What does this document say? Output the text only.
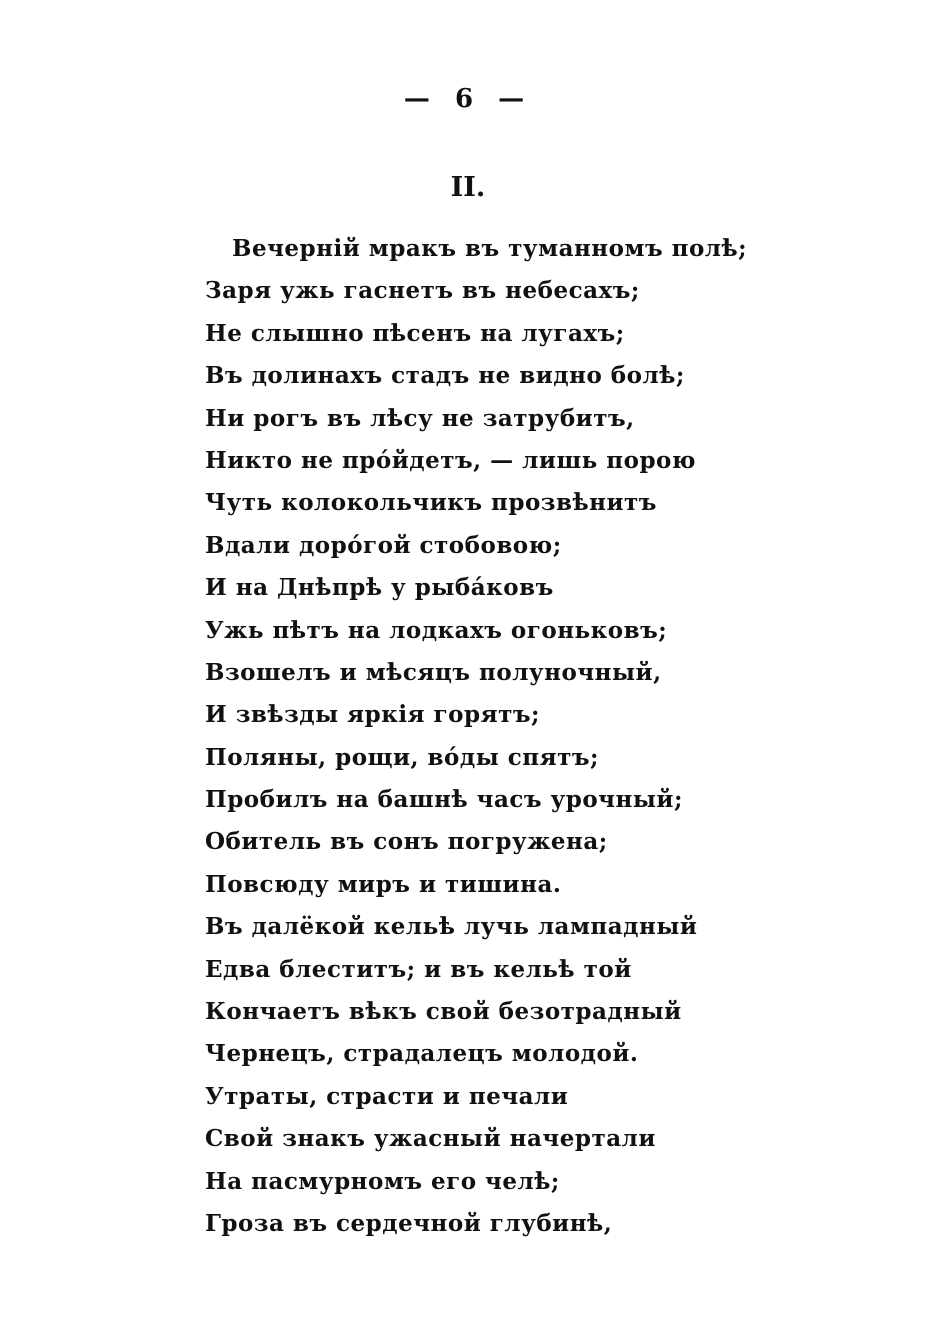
— 6 —
II.
Вечерній мракъ въ туманномъ полѣ;
Заря ужь гаснетъ въ небесахъ;
Не слышно пѣсенъ на лугахъ;
Въ долинахъ стадъ не видно болѣ;
Ни рогъ въ лѣсу не затрубитъ,
Никто не прóйдетъ, — лишь порою
Чуть колокольчикъ прозвѣнитъ
Вдали дорóгой стобовою;
И на Днѣпрѣ у рыбáковъ
Ужь пѣтъ на лодкахъ огоньковъ;
Взошелъ и мѣсяцъ полуночный,
И звѣзды яркія горятъ;
Поляны, рощи, вóды спятъ;
Пробилъ на башнѣ часъ урочный;
Обитель въ сонъ погружена;
Повсюду миръ и тишина.
Въ далёкой кельѣ лучь лампадный
Едва блеститъ; и въ кельѣ той
Кончаетъ вѣкъ свой безотрадный
Чернецъ, страдалецъ молодой.
Утраты, страсти и печали
Свой знакъ ужасный начертали
На пасмурномъ его челѣ;
Гроза въ сердечной глубинѣ,
